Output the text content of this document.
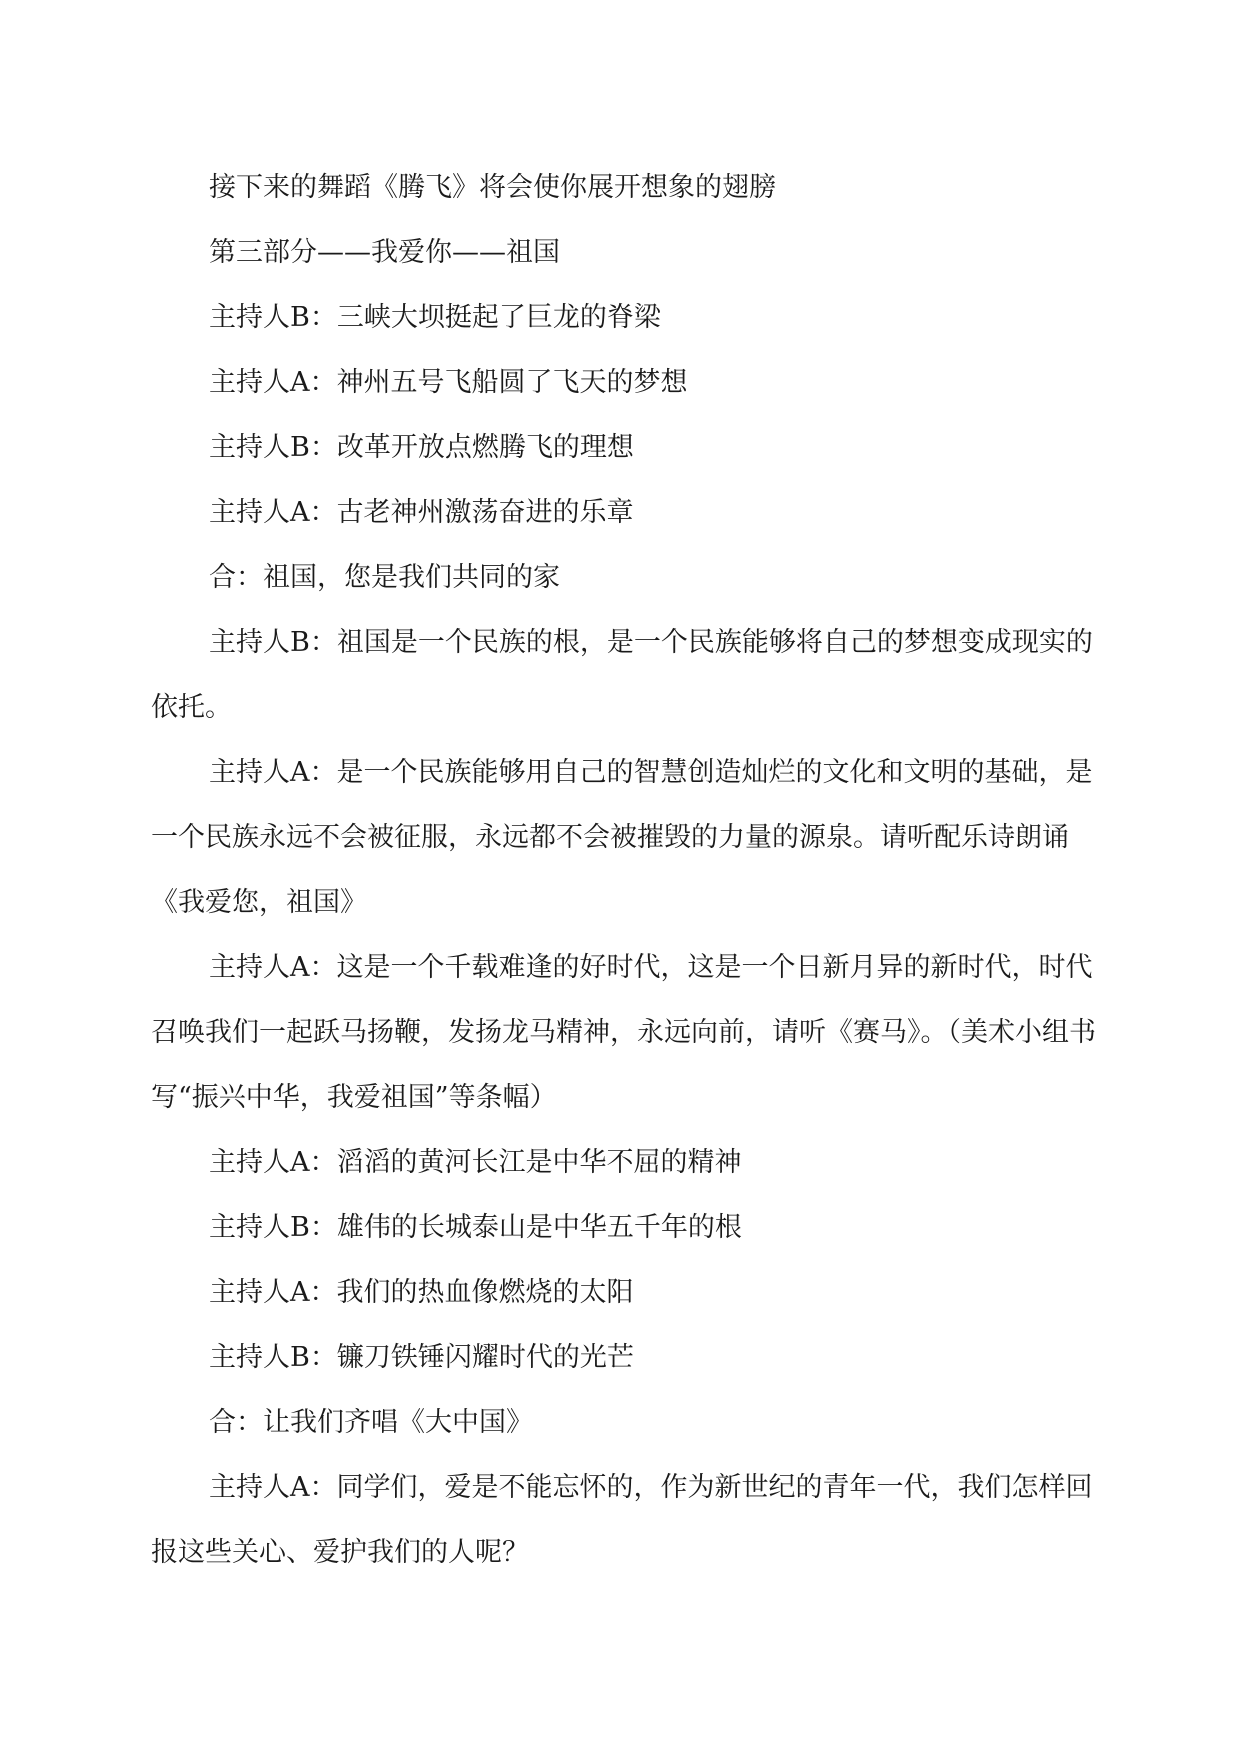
接下来的舞蹈《腾飞》将会使你展开想象的翅膀

第三部分——我爱你——祖国

主持人B：三峡大坝挺起了巨龙的脊梁

主持人A：神州五号飞船圆了飞天的梦想

主持人B：改革开放点燃腾飞的理想

主持人A：古老神州激荡奋进的乐章

合：祖国，您是我们共同的家

主持人B：祖国是一个民族的根，是一个民族能够将自己的梦想变成现实的依托。

主持人A：是一个民族能够用自己的智慧创造灿烂的文化和文明的基础，是一个民族永远不会被征服，永远都不会被摧毁的力量的源泉。请听配乐诗朗诵《我爱您，祖国》

主持人A：这是一个千载难逢的好时代，这是一个日新月异的新时代，时代召唤我们一起跃马扬鞭，发扬龙马精神，永远向前，请听《赛马》。（美术小组书写“振兴中华，我爱祖国”等条幅）

主持人A：滔滔的黄河长江是中华不屈的精神

主持人B：雄伟的长城泰山是中华五千年的根

主持人A：我们的热血像燃烧的太阳

主持人B：镰刀铁锤闪耀时代的光芒

合：让我们齐唱《大中国》

主持人A：同学们，爱是不能忘怀的，作为新世纪的青年一代，我们怎样回报这些关心、爱护我们的人呢？
